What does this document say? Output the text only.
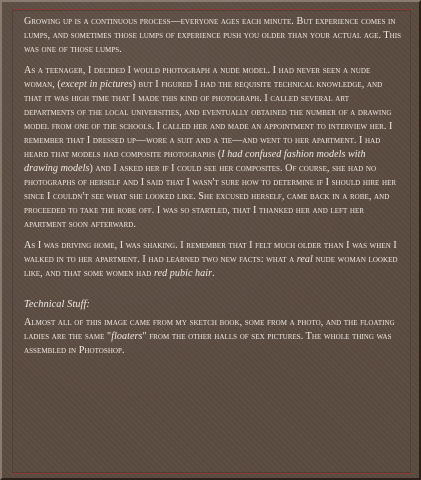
Growing up is a continuous process—everyone ages each minute. But experience comes in lumps, and sometimes those lumps of experience push you older than your actual age. This was one of those lumps.

As a teenager, I decided I would photograph a nude model. I had never seen a nude woman, (except in pictures) but I figured I had the requisite technical knowledge, and that it was high time that I made this kind of photograph. I called several art departments of the local universities, and eventually obtained the number of a drawing model from one of the schools. I called her and made an appointment to interview her. I remember that I dressed up—wore a suit and a tie—and went to her apartment. I had heard that models had composite photographs (I had confused fashion models with drawing models) and I asked her if I could see her composites. Of course, she had no photographs of herself and I said that I wasn't sure how to determine if I should hire her since I couldn't see what she looked like. She excused herself, came back in a robe, and proceeded to take the robe off. I was so startled, that I thanked her and left her apartment soon afterward.

As I was driving home, I was shaking. I remember that I felt much older than I was when I walked in to her apartment. I had learned two new facts: what a real nude woman looked like, and that some women had red pubic hair.

Technical Stuff:

Almost all of this image came from my sketch book, some from a photo, and the floating ladies are the same "floaters" from the other halls of sex pictures. The whole thing was assembled in Photoshop.
